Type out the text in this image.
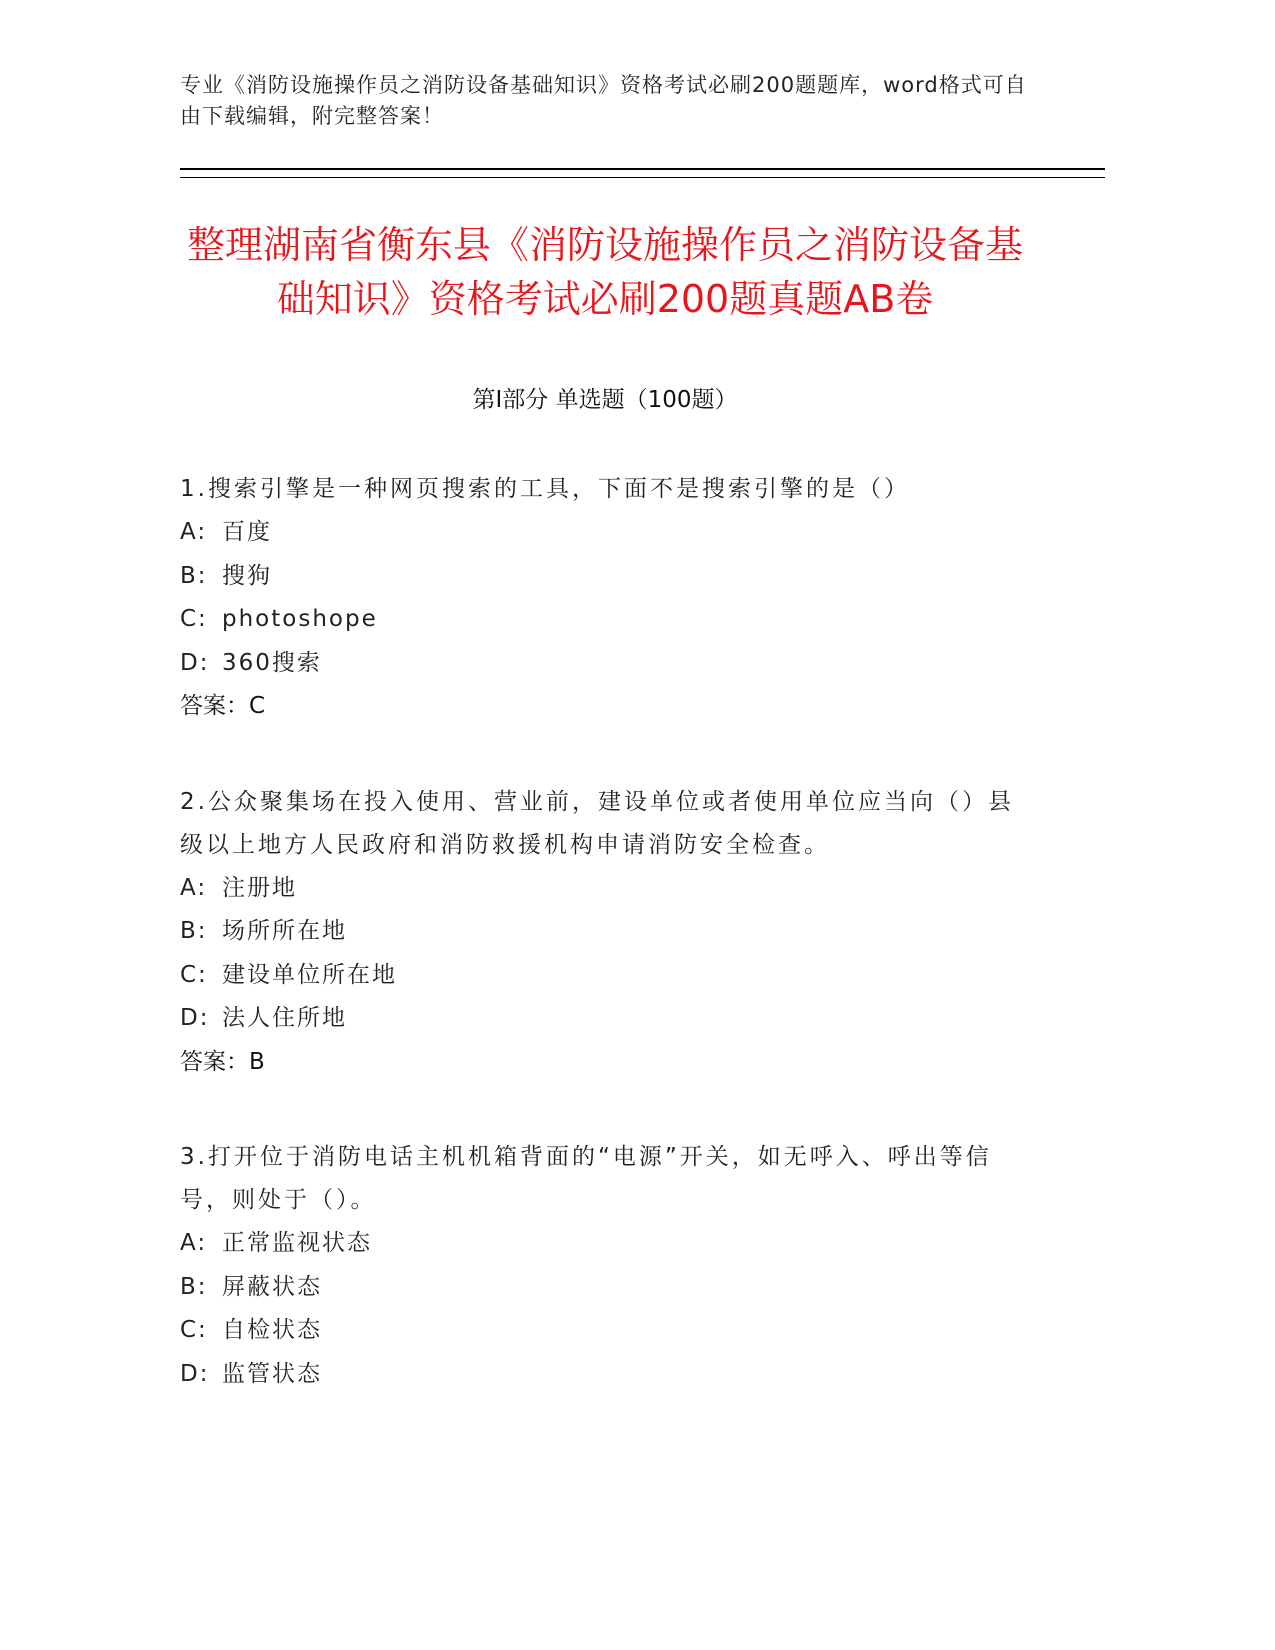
专业《消防设施操作员之消防设备基础知识》资格考试必刷200题题库，word格式可自由下载编辑，附完整答案！
整理湖南省衡东县《消防设施操作员之消防设备基础知识》资格考试必刷200题真题AB卷
第Ⅰ部分 单选题（100题）
1.搜索引擎是一种网页搜索的工具，下面不是搜索引擎的是（）
A: 百度
B: 搜狗
C: photoshope
D: 360搜索
答案：C
2.公众聚集场在投入使用、营业前，建设单位或者使用单位应当向（）县级以上地方人民政府和消防救援机构申请消防安全检查。
A: 注册地
B: 场所所在地
C: 建设单位所在地
D: 法人住所地
答案：B
3.打开位于消防电话主机机箱背面的“电源”开关，如无呼入、呼出等信号，则处于（）。
A: 正常监视状态
B: 屏蔽状态
C: 自检状态
D: 监管状态
